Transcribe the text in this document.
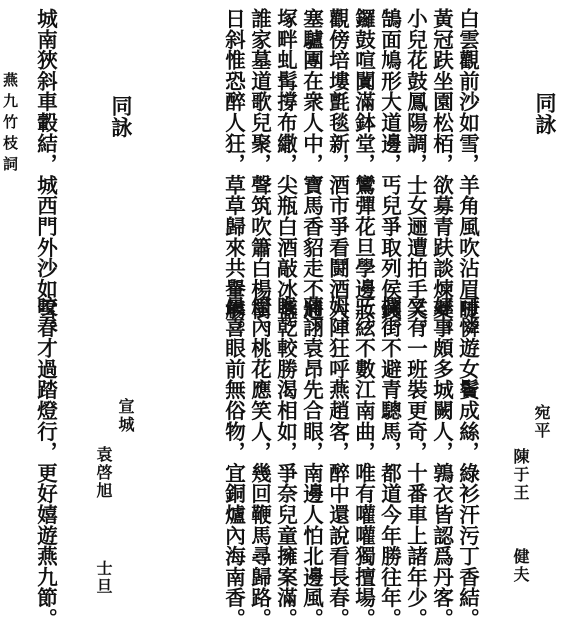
同詠
宛平
陳于王
健夫
白雲觀前沙如雪，羊角風吹沾眉睫。
黃冠趺坐園松栢，欲募青趺談煉藥。
小兒花鼓鳳陽調，士女逦遭拍手笑。
鵠面鳩形大道邊，丐兒爭取列侯錢。
鑼鼓喧闐滿鉢堂，鸞彈花旦學邊妝。
觀傍培塿氈毯新，酒市爭看鬪酒人。
塞驢團在衆人中，寶馬香貂走不通。
塚畔虬髯撐布繖，尖瓶白酒敲冰盞。
誰家墓道歌兒聚，聲筑吹簫白楊樹。
日斜惟恐醉人狂，草草歸來共轝觴。
可憐遊女鬢成絲，綠衫汗污丁香結。
好事頗多城闕人，鶉衣皆認爲丹客。
又有一班裝更奇，十番車上諸年少。
攔街不避青驄馬，都道今年勝往年。
三絃不數江南曲，唯有嚾嚾獨擅場。
姆陣狂呼燕趙客，醉中還說看長春。
蔣詡袁昂先合眼，南邊人怕北邊風。
喉乾較勝渴相如，爭奈兒童擁案滿。
筐內桃花應笑人，幾回鞭馬尋歸路。
最喜眼前無俗物，宜銅爐內海南香。
同詠
宣城
袁啓旭
士旦
城南狹斜車轂結，城西門外沙如雪。
咬春才過踏燈行，更好嬉遊燕九節。
燕九竹枝詞
